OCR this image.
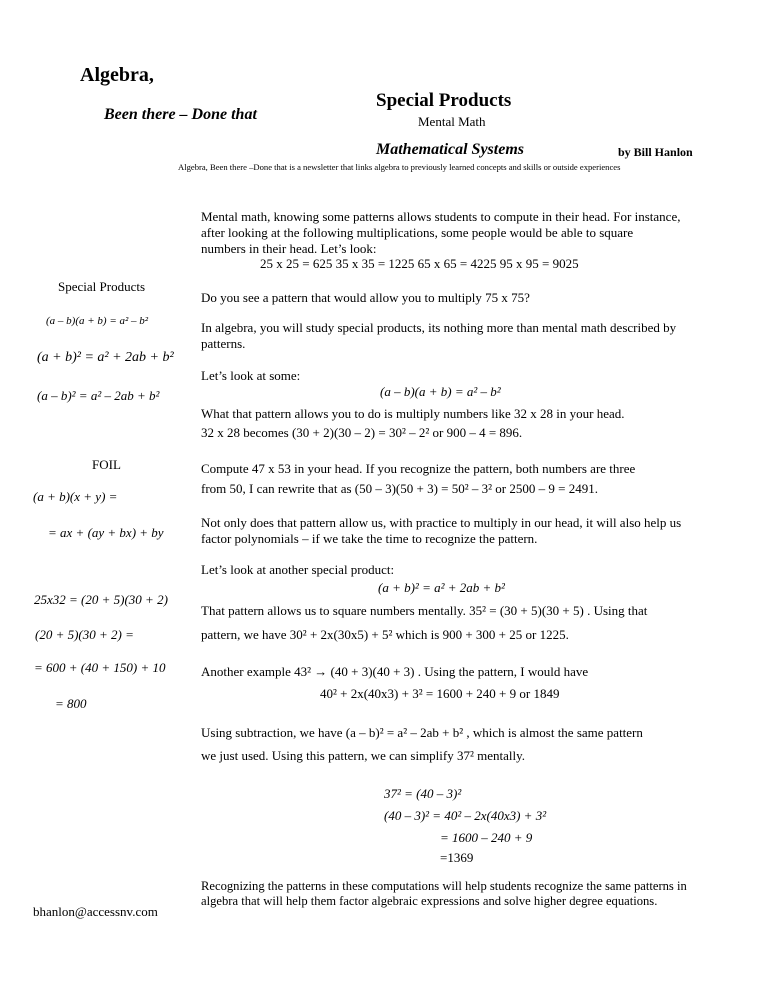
Algebra,
Been there – Done that
Special Products
Mental Math
Mathematical Systems	by Bill Hanlon
Algebra, Been there –Done that is a newsletter that links algebra to previously learned concepts and skills or outside experiences
Special Products
(a – b)(a + b) = a² – b²
(a + b)² = a² + 2ab + b²
(a – b)² = a² – 2ab + b²
FOIL
(a + b)(x + y) =
= ax + (ay + bx) + by
25x32 = (20 + 5)(30 + 2)
(20 + 5)(30 + 2) =
= 600 + (40 + 150) + 10
= 800
bhanlon@accessnv.com
Mental math, knowing some patterns allows students to compute in their head. For instance, after looking at the following multiplications, some people would be able to square numbers in their head. Let’s look:
25 x 25 = 625 35 x 35 = 1225 65 x 65 = 4225 95 x 95 = 9025
Do you see a pattern that would allow you to multiply 75 x 75?
In algebra, you will study special products, its nothing more than mental math described by patterns.
Let’s look at some:
(a – b)(a + b) = a² – b²
What that pattern allows you to do is multiply numbers like 32 x 28 in your head.
32 x 28 becomes (30 + 2)(30 – 2) = 30² – 2² or 900 – 4 = 896.
Compute 47 x 53 in your head. If you recognize the pattern, both numbers are three
from 50, I can rewrite that as (50 – 3)(50 + 3) = 50² – 3² or 2500 – 9 = 2491.
Not only does that pattern allow us, with practice to multiply in our head, it will also help us factor polynomials – if we take the time to recognize the pattern.
Let’s look at another special product:
(a + b)² = a² + 2ab + b²
That pattern allows us to square numbers mentally. 35² = (30 + 5)(30 + 5) . Using that
pattern, we have 30² + 2x(30x5) + 5² which is 900 + 300 + 25 or 1225.
Another example 43² → (40 + 3)(40 + 3) . Using the pattern, I would have
40² + 2x(40x3) + 3² = 1600 + 240 + 9 or 1849
Using subtraction, we have (a – b)² = a² – 2ab + b² , which is almost the same pattern
we just used. Using this pattern, we can simplify 37² mentally.
37² = (40 – 3)²
(40 – 3)² = 40² – 2x(40x3) + 3²
= 1600 – 240 + 9
=1369
Recognizing the patterns in these computations will help students recognize the same patterns in algebra that will help them factor algebraic expressions and solve higher degree equations.
